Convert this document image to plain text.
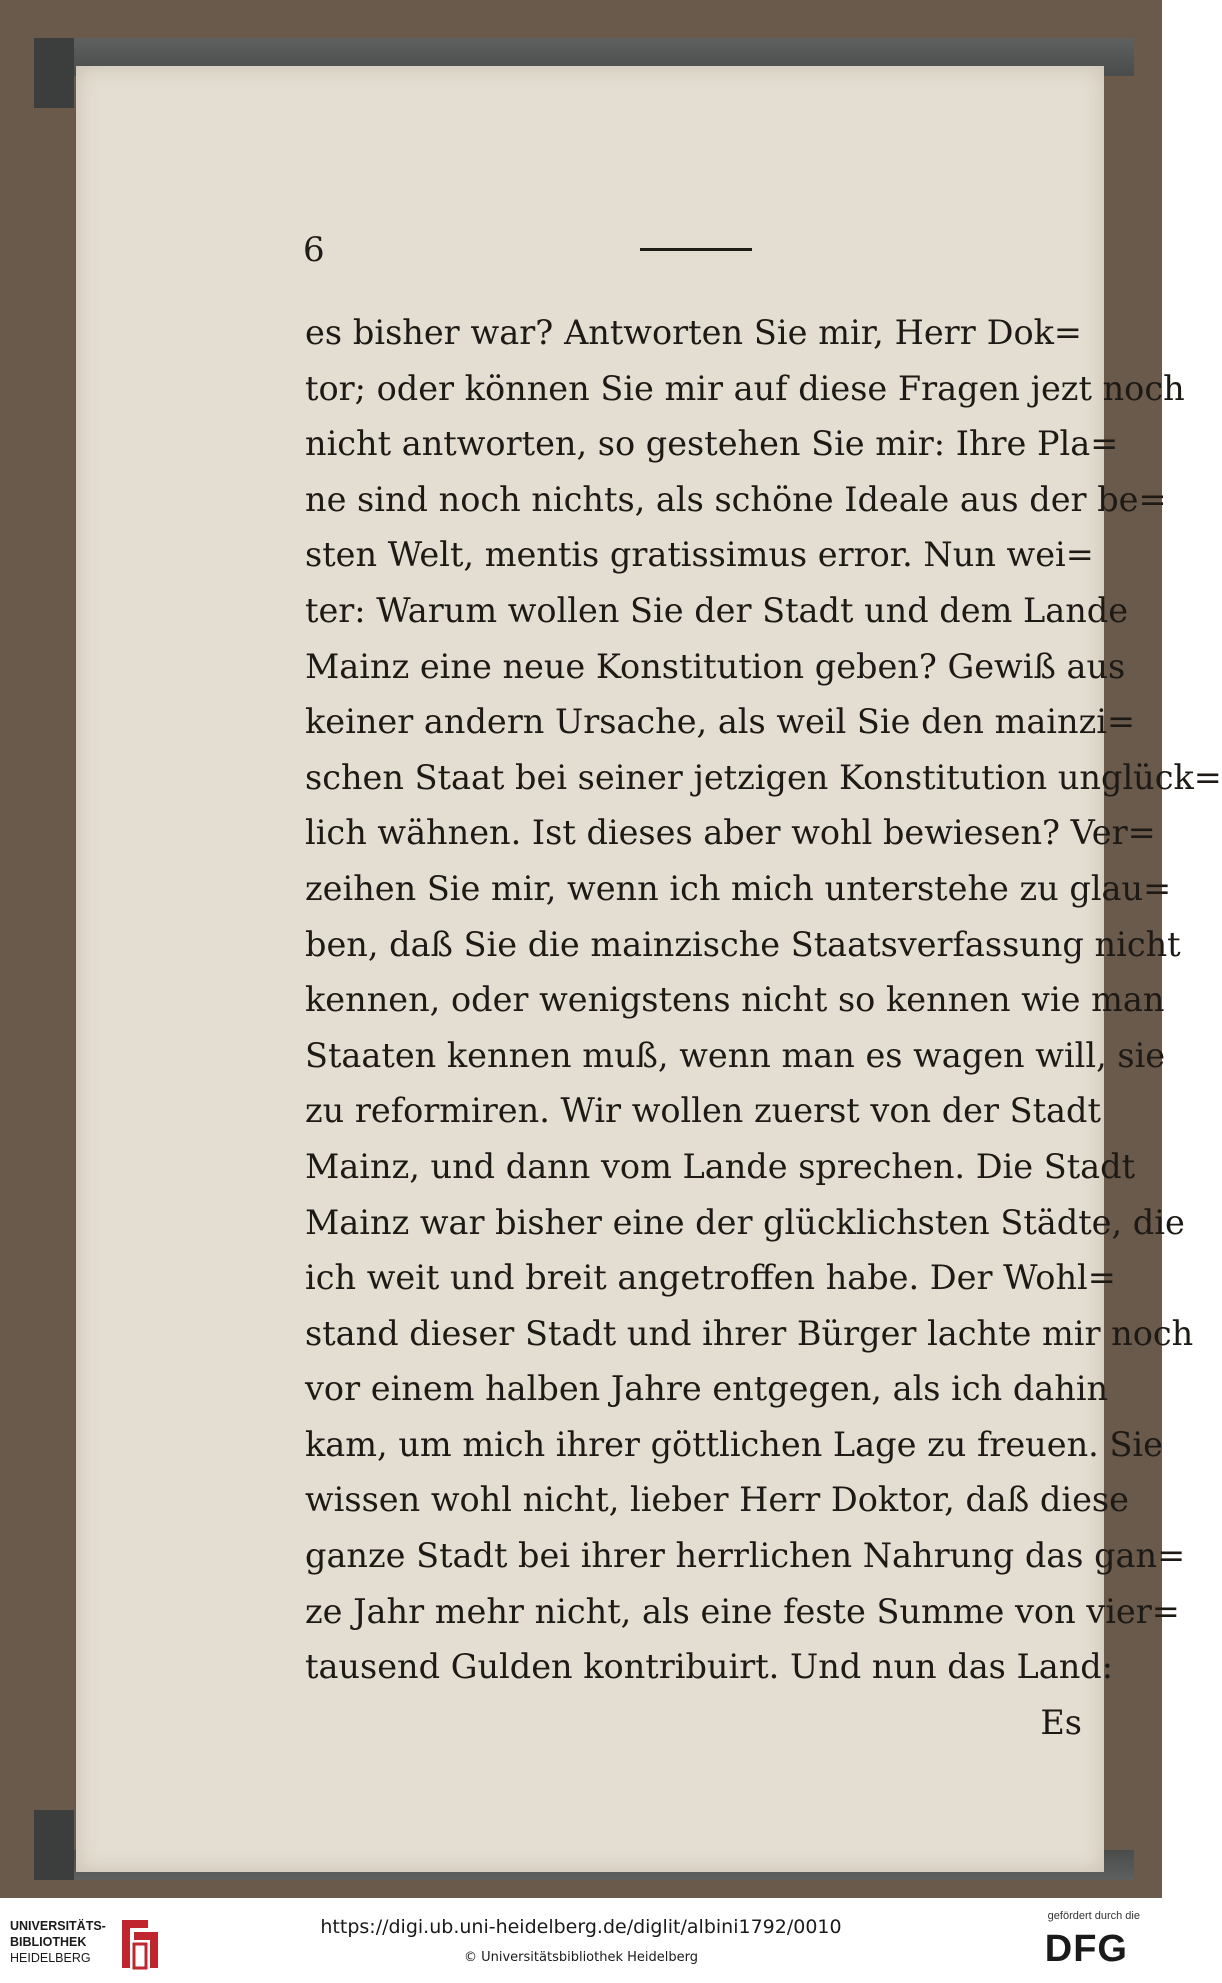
6
es bisher war? Antworten Sie mir, Herr Dok=
tor; oder können Sie mir auf diese Fragen jezt noch
nicht antworten, so gestehen Sie mir: Ihre Pla=
ne sind noch nichts, als schöne Ideale aus der be=
sten Welt, mentis gratissimus error. Nun wei=
ter: Warum wollen Sie der Stadt und dem Lande
Mainz eine neue Konstitution geben? Gewiß aus
keiner andern Ursache, als weil Sie den mainzi=
schen Staat bei seiner jetzigen Konstitution unglück=
lich wähnen. Ist dieses aber wohl bewiesen? Ver=
zeihen Sie mir, wenn ich mich unterstehe zu glau=
ben, daß Sie die mainzische Staatsverfassung nicht
kennen, oder wenigstens nicht so kennen wie man
Staaten kennen muß, wenn man es wagen will, sie
zu reformiren. Wir wollen zuerst von der Stadt
Mainz, und dann vom Lande sprechen. Die Stadt
Mainz war bisher eine der glücklichsten Städte, die
ich weit und breit angetroffen habe. Der Wohl=
stand dieser Stadt und ihrer Bürger lachte mir noch
vor einem halben Jahre entgegen, als ich dahin
kam, um mich ihrer göttlichen Lage zu freuen. Sie
wissen wohl nicht, lieber Herr Doktor, daß diese
ganze Stadt bei ihrer herrlichen Nahrung das gan=
ze Jahr mehr nicht, als eine feste Summe von vier=
tausend Gulden kontribuirt. Und nun das Land:
Es
UNIVERSITÄTS-
BIBLIOTHEK
HEIDELBERG
https://digi.ub.uni-heidelberg.de/diglit/albini1792/0010
© Universitätsbibliothek Heidelberg
gefördert durch die
DFG
